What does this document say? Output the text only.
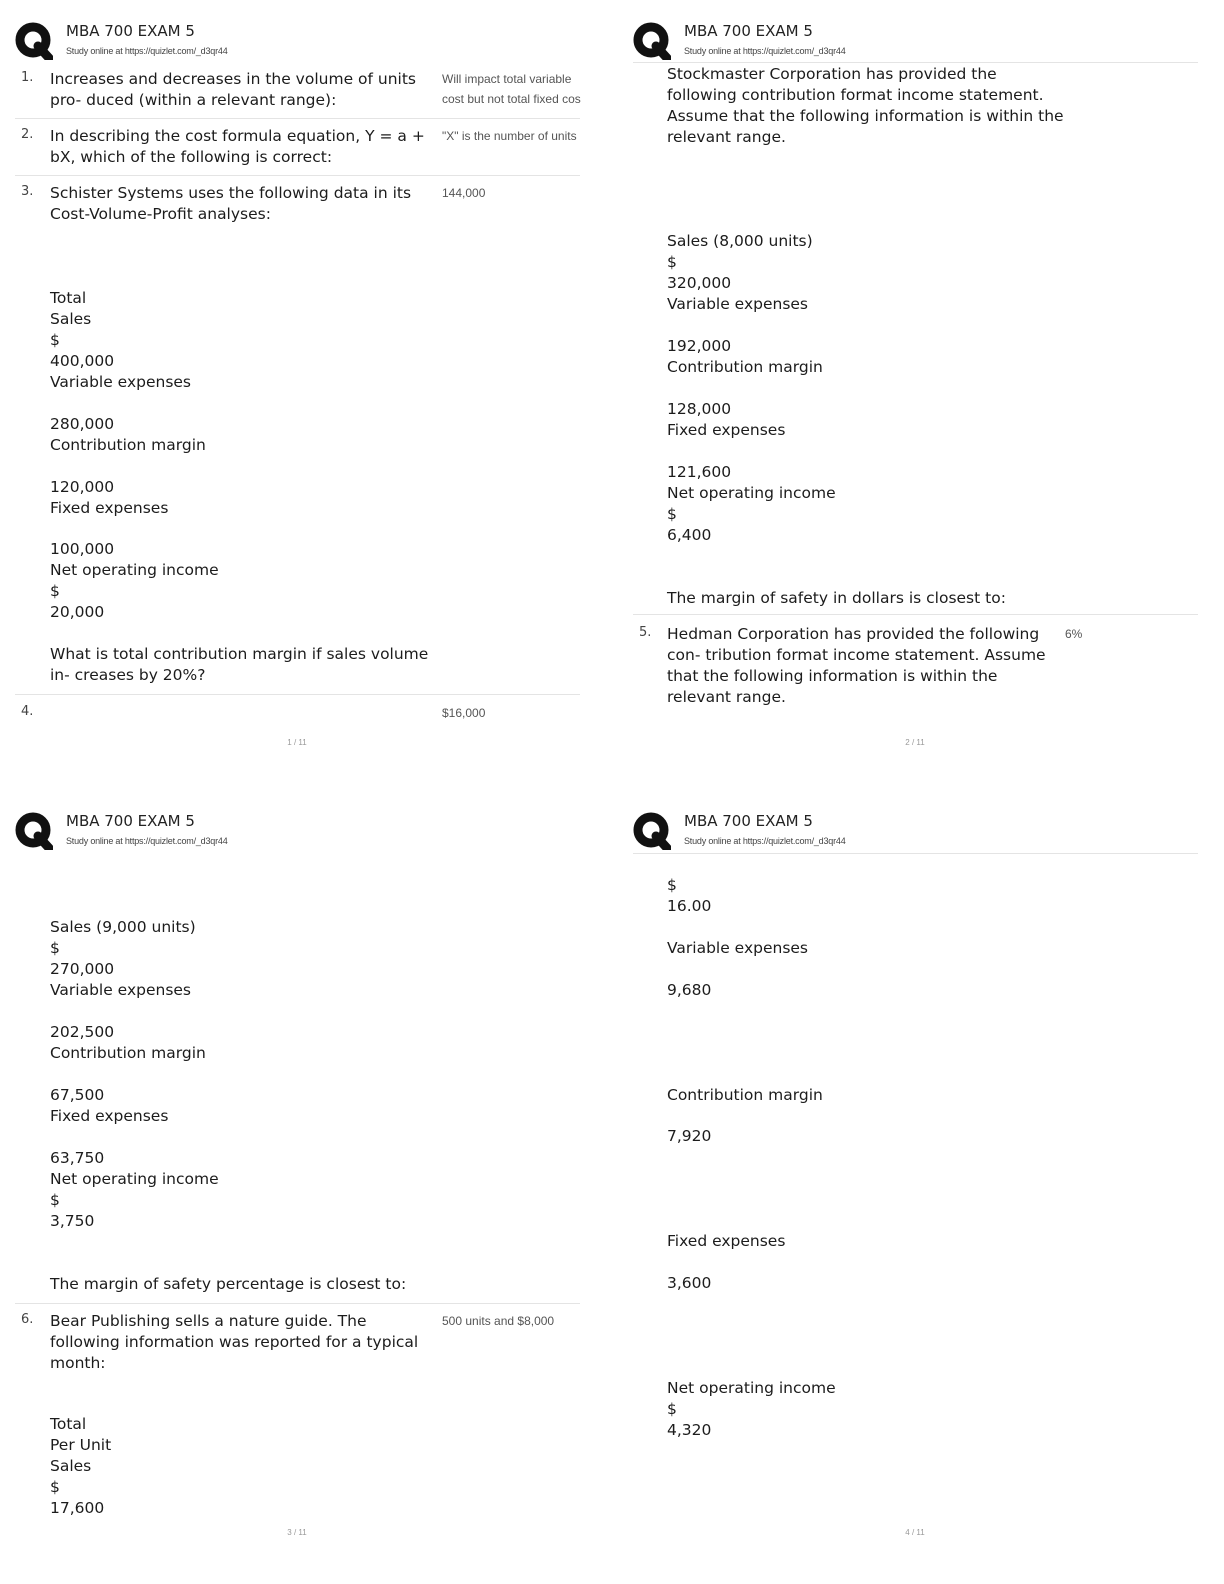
MBA 700 EXAM 5
Study online at https://quizlet.com/_d3qr44
1. Increases and decreases in the volume of units pro- duced (within a relevant range):
Will impact total variable cost but not total fixed cos
2. In describing the cost formula equation, Y = a + bX, which of the following is correct:
"X" is the number of units
3. Schister Systems uses the following data in its Cost-Volume-Profit analyses:
144,000
Total
Sales
$
400,000
Variable expenses
280,000
Contribution margin
120,000
Fixed expenses
100,000
Net operating income
$
20,000
What is total contribution margin if sales volume in- creases by 20%?
4.	$16,000
1 / 11
MBA 700 EXAM 5
Study online at https://quizlet.com/_d3qr44
Stockmaster Corporation has provided the following contribution format income statement. Assume that the following information is within the relevant range.
Sales (8,000 units)
$
320,000
Variable expenses
192,000
Contribution margin
128,000
Fixed expenses
121,600
Net operating income
$
6,400
The margin of safety in dollars is closest to:
5. Hedman Corporation has provided the following con- tribution format income statement. Assume that the following information is within the relevant range.
6%
2 / 11
MBA 700 EXAM 5
Study online at https://quizlet.com/_d3qr44
Sales (9,000 units)
$
270,000
Variable expenses
202,500
Contribution margin
67,500
Fixed expenses
63,750
Net operating income
$
3,750
The margin of safety percentage is closest to:
6. Bear Publishing sells a nature guide. The following information was reported for a typical month:
500 units and $8,000
Total
Per Unit
Sales
$
17,600
3 / 11
MBA 700 EXAM 5
Study online at https://quizlet.com/_d3qr44
$
16.00
Variable expenses
9,680
Contribution margin
7,920
Fixed expenses
3,600
Net operating income
$
4,320
4 / 11
